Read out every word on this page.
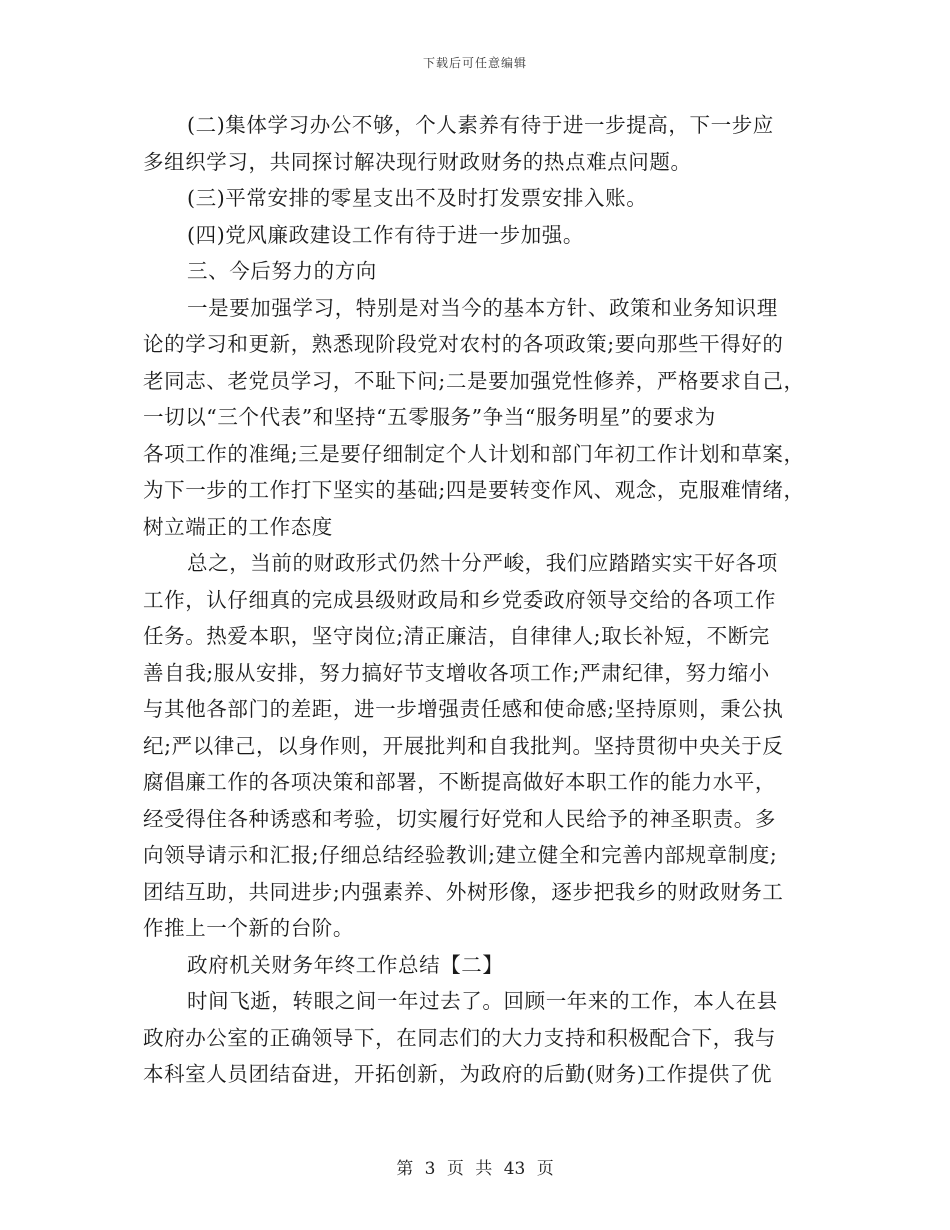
下载后可任意编辑
(二)集体学习办公不够，个人素养有待于进一步提高，下一步应
多组织学习，共同探讨解决现行财政财务的热点难点问题。
(三)平常安排的零星支出不及时打发票安排入账。
(四)党风廉政建设工作有待于进一步加强。
三、今后努力的方向
一是要加强学习，特别是对当今的基本方针、政策和业务知识理
论的学习和更新，熟悉现阶段党对农村的各项政策;要向那些干得好的
老同志、老党员学习，不耻下问;二是要加强党性修养，严格要求自己，
一切以“三个代表”和坚持“五零服务”争当“服务明星”的要求为
各项工作的准绳;三是要仔细制定个人计划和部门年初工作计划和草案，
为下一步的工作打下坚实的基础;四是要转变作风、观念，克服难情绪，
树立端正的工作态度
总之，当前的财政形式仍然十分严峻，我们应踏踏实实干好各项
工作，认仔细真的完成县级财政局和乡党委政府领导交给的各项工作
任务。热爱本职，坚守岗位;清正廉洁，自律律人;取长补短，不断完
善自我;服从安排，努力搞好节支增收各项工作;严肃纪律，努力缩小
与其他各部门的差距，进一步增强责任感和使命感;坚持原则，秉公执
纪;严以律己，以身作则，开展批判和自我批判。坚持贯彻中央关于反
腐倡廉工作的各项决策和部署，不断提高做好本职工作的能力水平，
经受得住各种诱惑和考验，切实履行好党和人民给予的神圣职责。多
向领导请示和汇报;仔细总结经验教训;建立健全和完善内部规章制度;
团结互助，共同进步;内强素养、外树形像，逐步把我乡的财政财务工
作推上一个新的台阶。
政府机关财务年终工作总结【二】
时间飞逝，转眼之间一年过去了。回顾一年来的工作，本人在县
政府办公室的正确领导下，在同志们的大力支持和积极配合下，我与
本科室人员团结奋进，开拓创新，为政府的后勤(财务)工作提供了优
第 3 页 共 43 页
